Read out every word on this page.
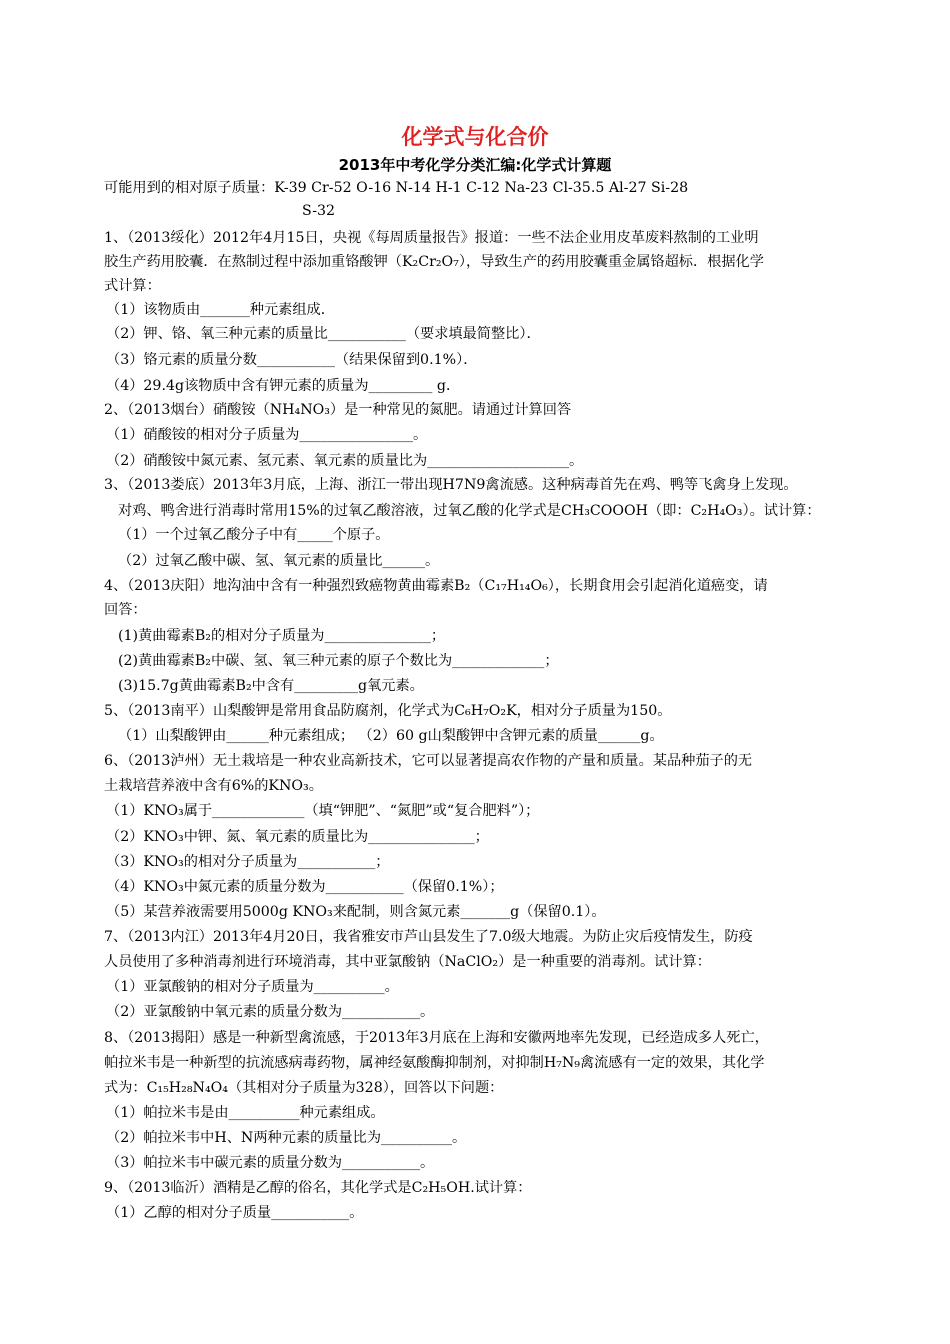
化学式与化合价
2013年中考化学分类汇编:化学式计算题
可能用到的相对原子质量：K-39 Cr-52 O-16 N-14 H-1 C-12 Na-23 Cl-35.5 Al-27 Si-28
S-32
1、（2013绥化）2012年4月15日，央视《每周质量报告》报道：一些不法企业用皮革废料熬制的工业明
胶生产药用胶囊．在熬制过程中添加重铬酸钾（K₂Cr₂O₇），导致生产的药用胶囊重金属铬超标．根据化学
式计算：
（1）该物质由_______种元素组成．
（2）钾、铬、氧三种元素的质量比___________（要求填最简整比）．
（3）铬元素的质量分数___________（结果保留到0.1%）．
（4）29.4g该物质中含有钾元素的质量为_________ g．
2、（2013烟台）硝酸铵（NH₄NO₃）是一种常见的氮肥。请通过计算回答
（1）硝酸铵的相对分子质量为________________。
（2）硝酸铵中氮元素、氢元素、氧元素的质量比为____________________。
3、（2013娄底）2013年3月底，上海、浙江一带出现H7N9禽流感。这种病毒首先在鸡、鸭等飞禽身上发现。
对鸡、鸭舍进行消毒时常用15%的过氧乙酸溶液，过氧乙酸的化学式是CH₃COOOH（即：C₂H₄O₃）。试计算：
（1）一个过氧乙酸分子中有_____个原子。
（2）过氧乙酸中碳、氢、氧元素的质量比______。
4、（2013庆阳）地沟油中含有一种强烈致癌物黄曲霉素B₂（C₁₇H₁₄O₆），长期食用会引起消化道癌变，请
回答：
(1)黄曲霉素B₂的相对分子质量为_______________；
(2)黄曲霉素B₂中碳、氢、氧三种元素的原子个数比为_____________；
(3)15.7g黄曲霉素B₂中含有_________g氧元素。
5、（2013南平）山梨酸钾是常用食品防腐剂，化学式为C₆H₇O₂K，相对分子质量为150。
（1）山梨酸钾由______种元素组成； （2）60 g山梨酸钾中含钾元素的质量______g。
6、（2013泸州）无土栽培是一种农业高新技术，它可以显著提高农作物的产量和质量。某品种茄子的无
土栽培营养液中含有6%的KNO₃。
（1）KNO₃属于_____________（填“钾肥”、“氮肥”或“复合肥料”）；
（2）KNO₃中钾、氮、氧元素的质量比为_______________；
（3）KNO₃的相对分子质量为___________；
（4）KNO₃中氮元素的质量分数为___________（保留0.1%）；
（5）某营养液需要用5000g KNO₃来配制，则含氮元素_______g（保留0.1）。
7、（2013内江）2013年4月20日，我省雅安市芦山县发生了7.0级大地震。为防止灾后疫情发生，防疫
人员使用了多种消毒剂进行环境消毒，其中亚氯酸钠（NaClO₂）是一种重要的消毒剂。试计算：
（1）亚氯酸钠的相对分子质量为__________。
（2）亚氯酸钠中氧元素的质量分数为___________。
8、（2013揭阳）感是一种新型禽流感，于2013年3月底在上海和安徽两地率先发现，已经造成多人死亡，
帕拉米韦是一种新型的抗流感病毒药物，属神经氨酸酶抑制剂，对抑制H₇N₉禽流感有一定的效果，其化学
式为：C₁₅H₂₈N₄O₄（其相对分子质量为328），回答以下问题：
（1）帕拉米韦是由__________种元素组成。
（2）帕拉米韦中H、N两种元素的质量比为__________。
（3）帕拉米韦中碳元素的质量分数为___________。
9、（2013临沂）酒精是乙醇的俗名，其化学式是C₂H₅OH.试计算：
（1）乙醇的相对分子质量___________。
